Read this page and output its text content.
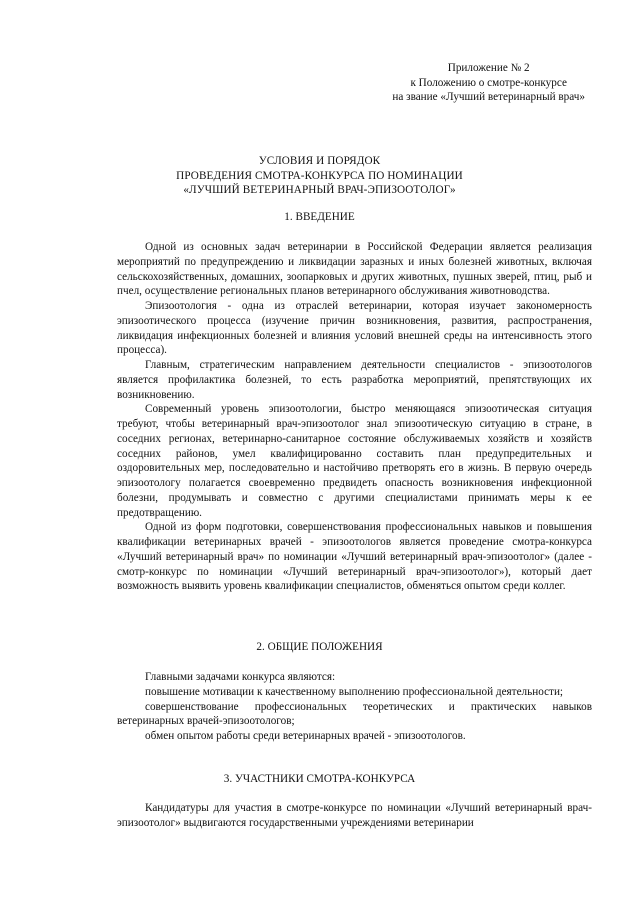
Приложение № 2
к Положению о смотре-конкурсе
на звание «Лучший ветеринарный врач»
УСЛОВИЯ И ПОРЯДОК
ПРОВЕДЕНИЯ СМОТРА-КОНКУРСА ПО НОМИНАЦИИ
«ЛУЧШИЙ ВЕТЕРИНАРНЫЙ ВРАЧ-ЭПИЗООТОЛОГ»
1. ВВЕДЕНИЕ

Одной из основных задач ветеринарии в Российской Федерации является реализация мероприятий по предупреждению и ликвидации заразных и иных болезней животных, включая сельскохозяйственных, домашних, зоопарковых и других животных, пушных зверей, птиц, рыб и пчел, осуществление региональных планов ветеринарного обслуживания животноводства.

Эпизоотология - одна из отраслей ветеринарии, которая изучает закономерность эпизоотического процесса (изучение причин возникновения, развития, распространения, ликвидация инфекционных болезней и влияния условий внешней среды на интенсивность этого процесса).

Главным, стратегическим направлением деятельности специалистов - эпизоотологов является профилактика болезней, то есть разработка мероприятий, препятствующих их возникновению.

Современный уровень эпизоотологии, быстро меняющаяся эпизоотическая ситуация требуют, чтобы ветеринарный врач-эпизоотолог знал эпизоотическую ситуацию в стране, в соседних регионах, ветеринарно-санитарное состояние обслуживаемых хозяйств и хозяйств соседних районов, умел квалифицированно составить план предупредительных и оздоровительных мер, последовательно и настойчиво претворять его в жизнь. В первую очередь эпизоотологу полагается своевременно предвидеть опасность возникновения инфекционной болезни, продумывать и совместно с другими специалистами принимать меры к ее предотвращению.

Одной из форм подготовки, совершенствования профессиональных навыков и повышения квалификации ветеринарных врачей - эпизоотологов является проведение смотра-конкурса «Лучший ветеринарный врач» по номинации «Лучший ветеринарный врач-эпизоотолог» (далее - смотр-конкурс по номинации «Лучший ветеринарный врач-эпизоотолог»), который дает возможность выявить уровень квалификации специалистов, обменяться опытом среди коллег.

2. ОБЩИЕ ПОЛОЖЕНИЯ

Главными задачами конкурса являются:

повышение мотивации к качественному выполнению профессиональной деятельности;

совершенствование профессиональных теоретических и практических навыков ветеринарных врачей-эпизоотологов;

обмен опытом работы среди ветеринарных врачей - эпизоотологов.

3. УЧАСТНИКИ СМОТРА-КОНКУРСА

Кандидатуры для участия в смотре-конкурсе по номинации «Лучший ветеринарный врач-эпизоотолог» выдвигаются государственными учреждениями ветеринарии
